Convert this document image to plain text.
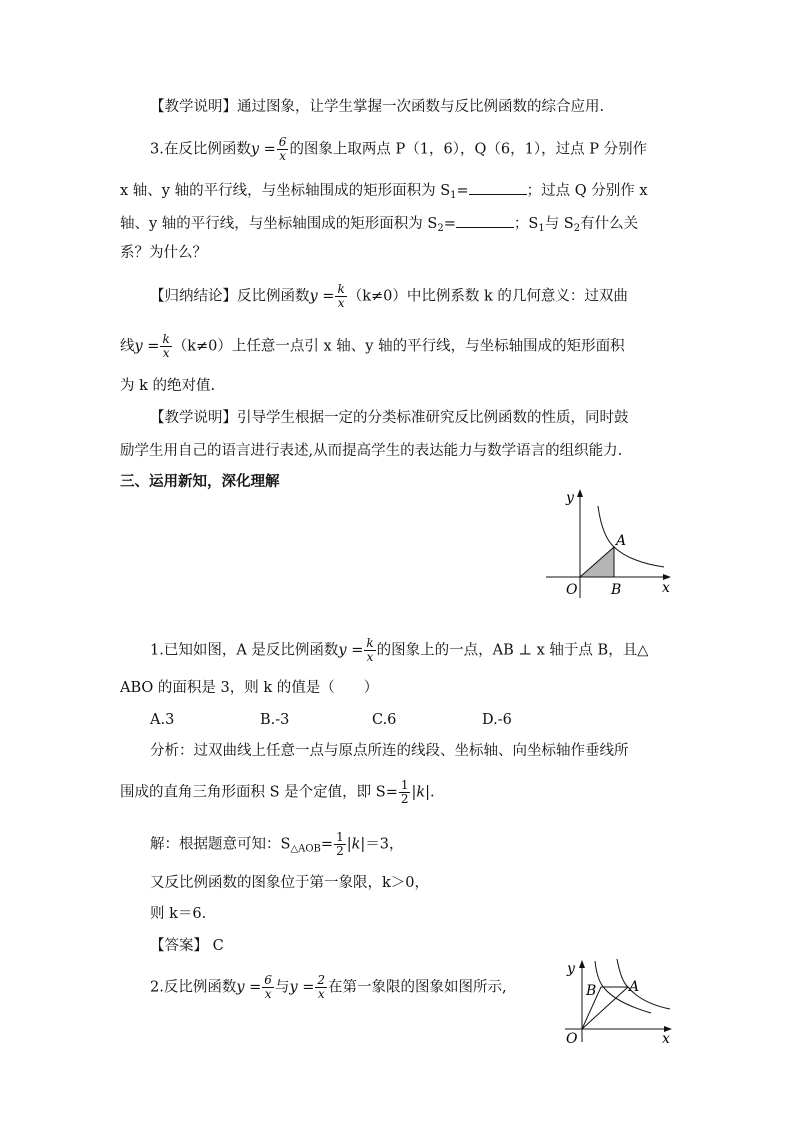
【教学说明】通过图象，让学生掌握一次函数与反比例函数的综合应用.
3.在反比例函数$y = \frac{6}{x}$ 的图象上取两点 P（1，6），Q（6，1），过点 P 分别作
x 轴、y 轴的平行线，与坐标轴围成的矩形面积为 $S_1=$	；过点 Q 分别作 x
轴、y 轴的平行线，与坐标轴围成的矩形面积为 $S_2=$	；$S_1$与 $S_2$有什么关
系？为什么？
【归纳结论】反比例函数$y = \frac{k}{x} (k\ne 0)$中比例系数 k 的几何意义：过双曲
线$y = \frac{k}{x} (k\ne 0)$上任意一点引 x 轴、y 轴的平行线，与坐标轴围成的矩形面积
为 k 的绝对值.
【教学说明】引导学生根据一定的分类标准研究反比例函数的性质，同时鼓
励学生用自己的语言进行表述,从而提高学生的表达能力与数学语言的组织能力.
三、运用新知，深化理解
y
x
O
A
B
1.已知如图，A 是反比例函数$y = \frac{k}{x}$ 的图象上的一点，AB ⊥ x 轴于点 B，且△
ABO 的面积是 3，则 k 的值是（　　）
A.3	B.-3	C.6	D.-6
分析：过双曲线上任意一点与原点所连的线段、坐标轴、向坐标轴作垂线所
围成的直角三角形面积 S 是个定值，即 $S= \frac{1}{2} |k|$.
解：根据题意可知：$S_{\triangle AOB}= \frac{1}{2} |k|=3$，
又反比例函数的图象位于第一象限，k＞0，
则 k＝6.
【答案】 C
2.反比例函数$y = \frac{6}{x}$ 与$y = \frac{2}{x}$ 在第一象限的图象如图所示,
y
x
O
A
B
